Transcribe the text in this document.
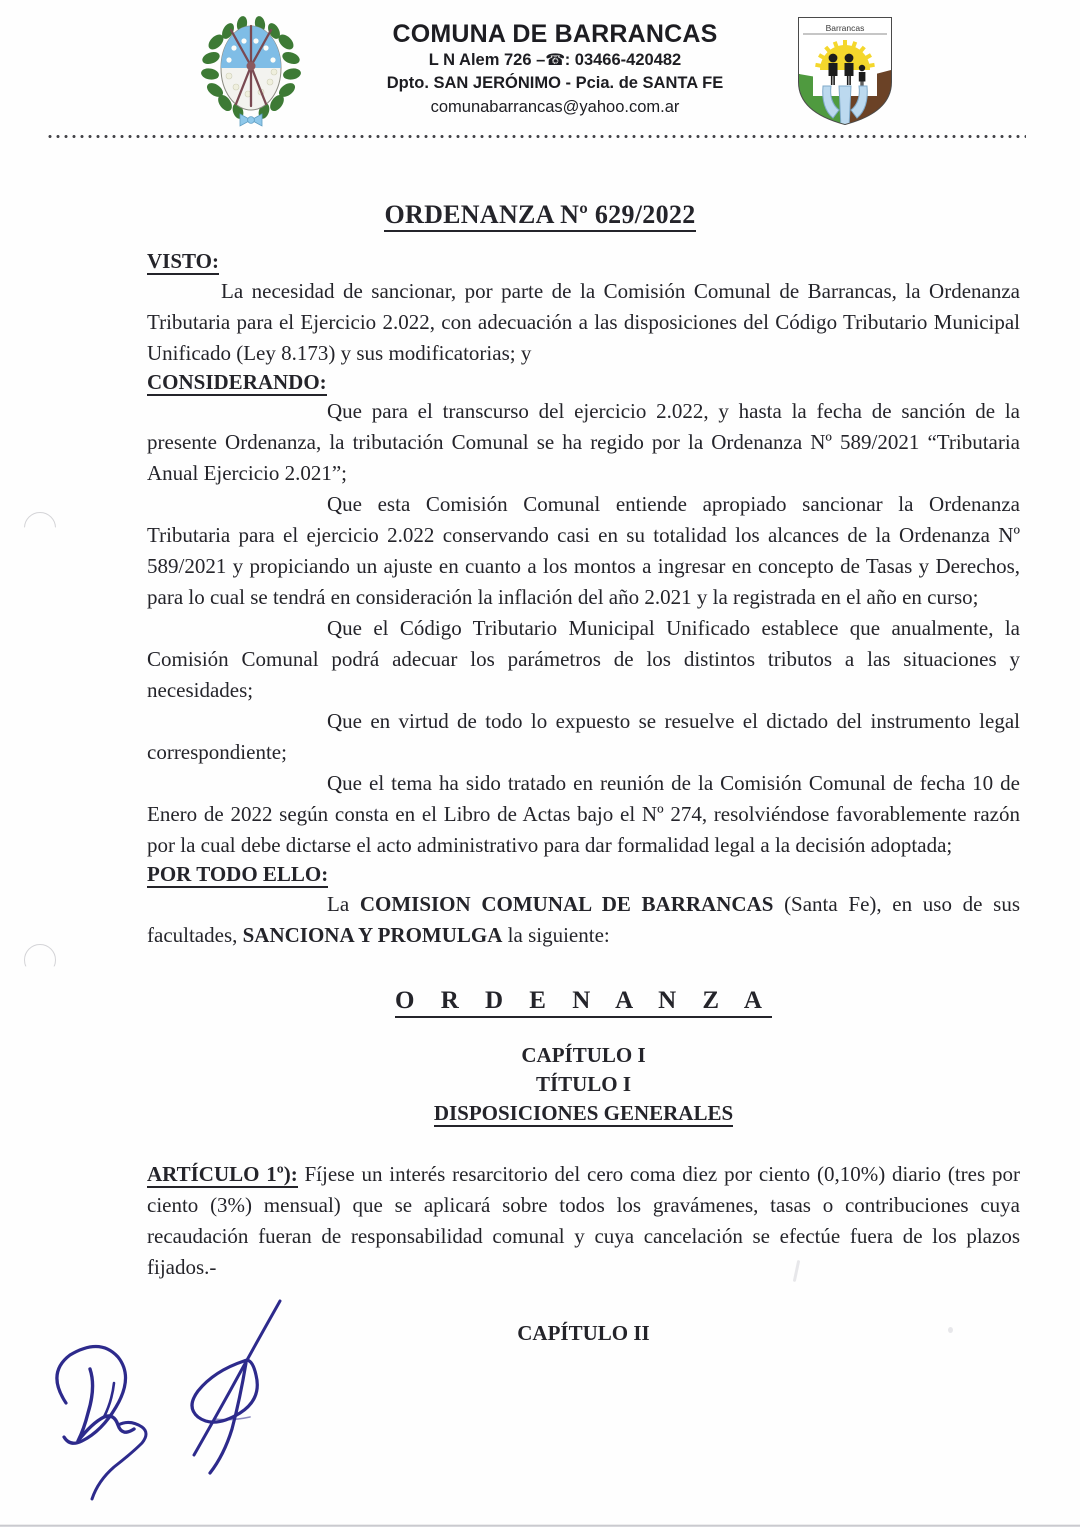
COMUNA DE BARRANCAS
L N Alem 726 –☎: 03466-420482
Dpto. SAN JERÓNIMO - Pcia. de SANTA FE
comunabarrancas@yahoo.com.ar
Barrancas
ORDENANZA Nº 629/2022
VISTO:

La necesidad de sancionar, por parte de la Comisión Comunal de Barrancas, la Ordenanza Tributaria para el Ejercicio 2.022, con adecuación a las disposiciones del Código Tributario Municipal Unificado (Ley 8.173) y sus modificatorias; y

CONSIDERANDO:

Que para el transcurso del ejercicio 2.022, y hasta la fecha de sanción de la presente Ordenanza, la tributación Comunal se ha regido por la Ordenanza Nº 589/2021 “Tributaria Anual Ejercicio 2.021”;

Que esta Comisión Comunal entiende apropiado sancionar la Ordenanza Tributaria para el ejercicio 2.022 conservando casi en su totalidad los alcances de la Ordenanza Nº 589/2021 y propiciando un ajuste en cuanto a los montos a ingresar en concepto de Tasas y Derechos, para lo cual se tendrá en consideración la inflación del año 2.021 y la registrada en el año en curso;

Que el Código Tributario Municipal Unificado establece que anualmente, la Comisión Comunal podrá adecuar los parámetros de los distintos tributos a las situaciones y necesidades;

Que en virtud de todo lo expuesto se resuelve el dictado del instrumento legal correspondiente;

Que el tema ha sido tratado en reunión de la Comisión Comunal de fecha 10 de Enero de 2022 según consta en el Libro de Actas bajo el Nº 274, resolviéndose favorablemente razón por la cual debe dictarse el acto administrativo para dar formalidad legal a la decisión adoptada;

POR TODO ELLO:

La COMISION COMUNAL DE BARRANCAS (Santa Fe), en uso de sus facultades, SANCIONA Y PROMULGA la siguiente:

O R D E N A N Z A
CAPÍTULO I
TÍTULO I
DISPOSICIONES GENERALES

ARTÍCULO 1º): Fíjese un interés resarcitorio del cero coma diez por ciento (0,10%) diario (tres por ciento (3%) mensual) que se aplicará sobre todos los gravámenes, tasas o contribuciones cuya recaudación fueran de responsabilidad comunal y cuya cancelación se efectúe fuera de los plazos fijados.-

CAPÍTULO II
